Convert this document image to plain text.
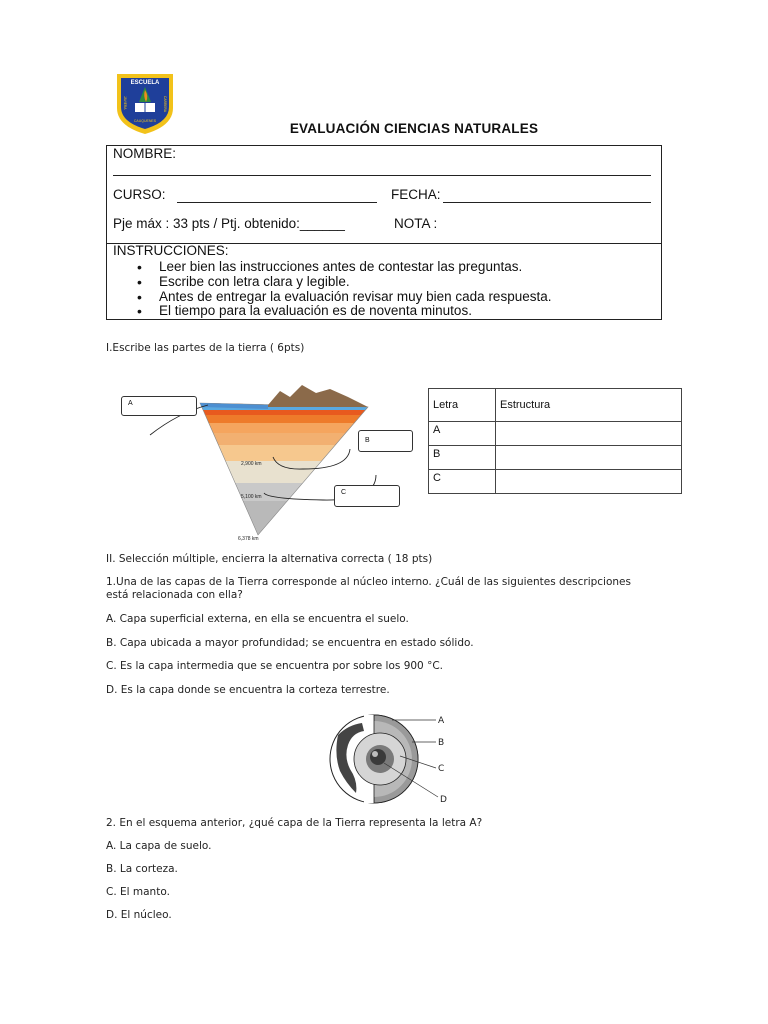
ESCUELA
JAVIERA	CARRERA
CAUQUENES	EVALUACIÓN CIENCIAS NATURALES
NOMBRE:
CURSO:	FECHA:
Pje máx : 33 pts / Ptj. obtenido:______	NOTA :
INSTRUCCIONES:
• Leer bien las instrucciones antes de contestar las preguntas.
• Escribe con letra clara y legible.
• Antes de entregar la evaluación revisar muy bien cada respuesta.
• El tiempo para la evaluación es de noventa minutos.
I.Escribe las partes de la tierra ( 6pts)
2,900 km
5,100 km
6,378 km
A
B
C
Letra	Estructura
A	
B	
C	
II. Selección múltiple, encierra la alternativa correcta ( 18 pts)
1.Una de las capas de la Tierra corresponde al núcleo interno. ¿Cuál de las siguientes descripciones
está relacionada con ella?
A. Capa superficial externa, en ella se encuentra el suelo.
B. Capa ubicada a mayor profundidad; se encuentra en estado sólido.
C. Es la capa intermedia que se encuentra por sobre los 900 °C.
D. Es la capa donde se encuentra la corteza terrestre.
A
B
C
D
2. En el esquema anterior, ¿qué capa de la Tierra representa la letra A?
A. La capa de suelo.
B. La corteza.
C. El manto.
D. El núcleo.
